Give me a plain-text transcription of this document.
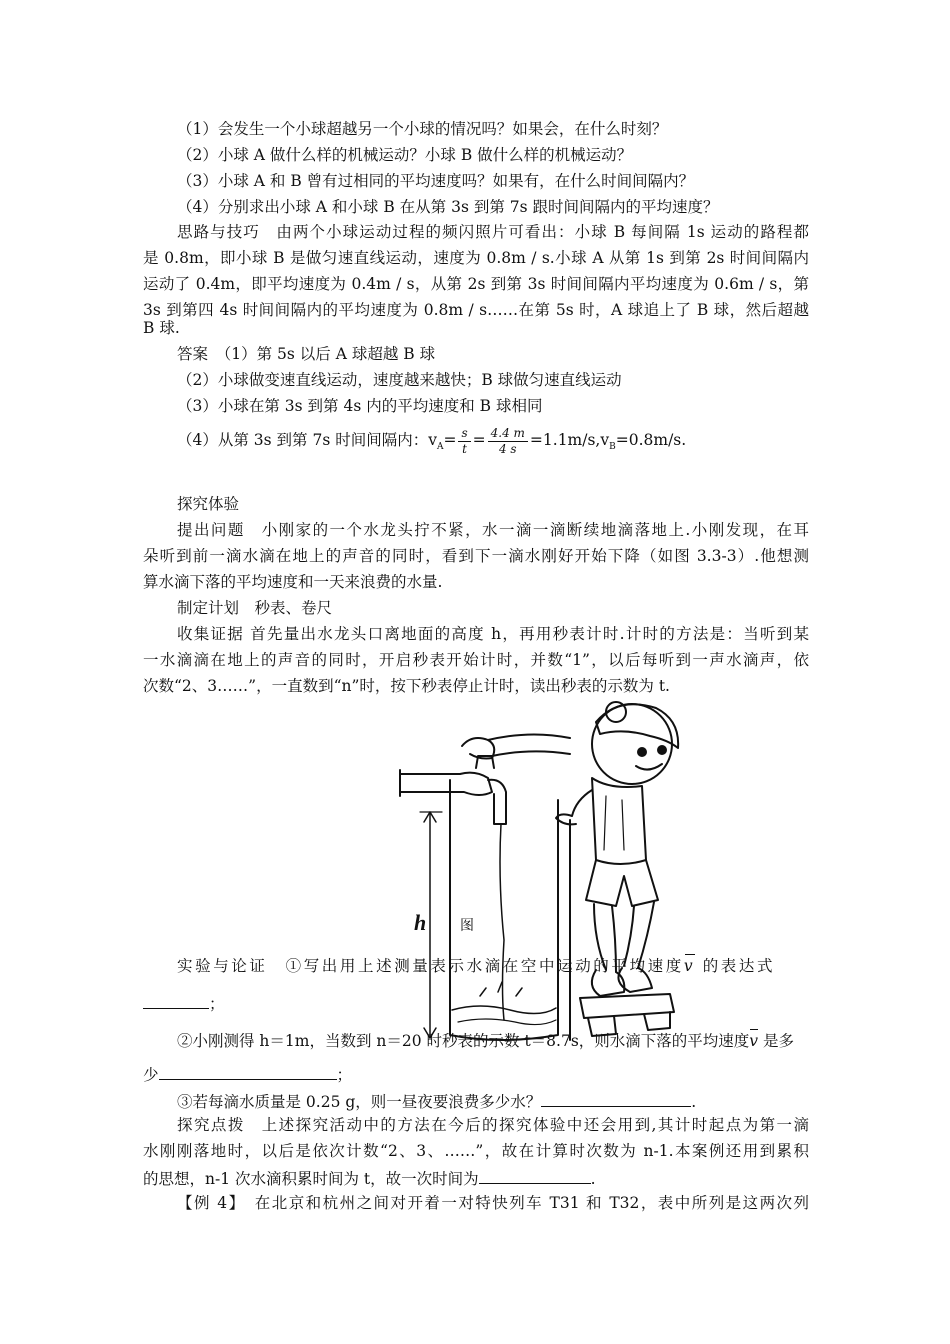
（1）会发生一个小球超越另一个小球的情况吗？如果会，在什么时刻？
（2）小球 A 做什么样的机械运动？小球 B 做什么样的机械运动？
（3）小球 A 和 B 曾有过相同的平均速度吗？如果有，在什么时间间隔内？
（4）分别求出小球 A 和小球 B 在从第 3s 到第 7s 跟时间间隔内的平均速度？
思路与技巧　由两个小球运动过程的频闪照片可看出：小球 B 每间隔 1s 运动的路程都
是 0.8m，即小球 B 是做匀速直线运动，速度为 0.8m / s.小球 A 从第 1s 到第 2s 时间间隔内
运动了 0.4m，即平均速度为 0.4m / s，从第 2s 到第 3s 时间间隔内平均速度为 0.6m / s，第
3s 到第四 4s 时间间隔内的平均速度为 0.8m / s……在第 5s 时，A 球追上了 B 球，然后超越
B 球.
答案　（1）第 5s 以后 A 球超越 B 球
（2）小球做变速直线运动，速度越来越快；B 球做匀速直线运动
（3）小球在第 3s 到第 4s 内的平均速度和 B 球相同
（4）从第 3s 到第 7s 时间间隔内：$v_A= \frac{s}{t} = \frac{4.4 m}{4 s} =1.1m/s,v_B=0.8m/s$.
探究体验
提出问题　小刚家的一个水龙头拧不紧，水一滴一滴断续地滴落地上.小刚发现，在耳
朵听到前一滴水滴在地上的声音的同时，看到下一滴水刚好开始下降（如图 3.3-3）.他想测
算水滴下落的平均速度和一天来浪费的水量.
制定计划　秒表、卷尺
收集证据 首先量出水龙头口离地面的高度 h，再用秒表计时.计时的方法是：当听到某
一水滴滴在地上的声音的同时，开启秒表开始计时，并数“1”，以后每听到一声水滴声，依
次数“2、3……”，一直数到“n”时，按下秒表停止计时，读出秒表的示数为 t.
h 图
实验与论证　①写出用上述测量表示水滴在空中运动的平均速度v 的表达式
；
②小刚测得 h＝1m，当数到 n＝20 时秒表的示数 t＝8.7s，则水滴下落的平均速度v 是多
少	；
③若每滴水质量是 0.25 g，则一昼夜要浪费多少水？	.
探究点拨　上述探究活动中的方法在今后的探究体验中还会用到,其计时起点为第一滴
水刚刚落地时，以后是依次计数“2、3、……”，故在计算时次数为 n-1.本案例还用到累积
的思想，n-1 次水滴积累时间为 t，故一次时间为	.
【例 4】　在北京和杭州之间对开着一对特快列车 T31 和 T32，表中所列是这两次列
